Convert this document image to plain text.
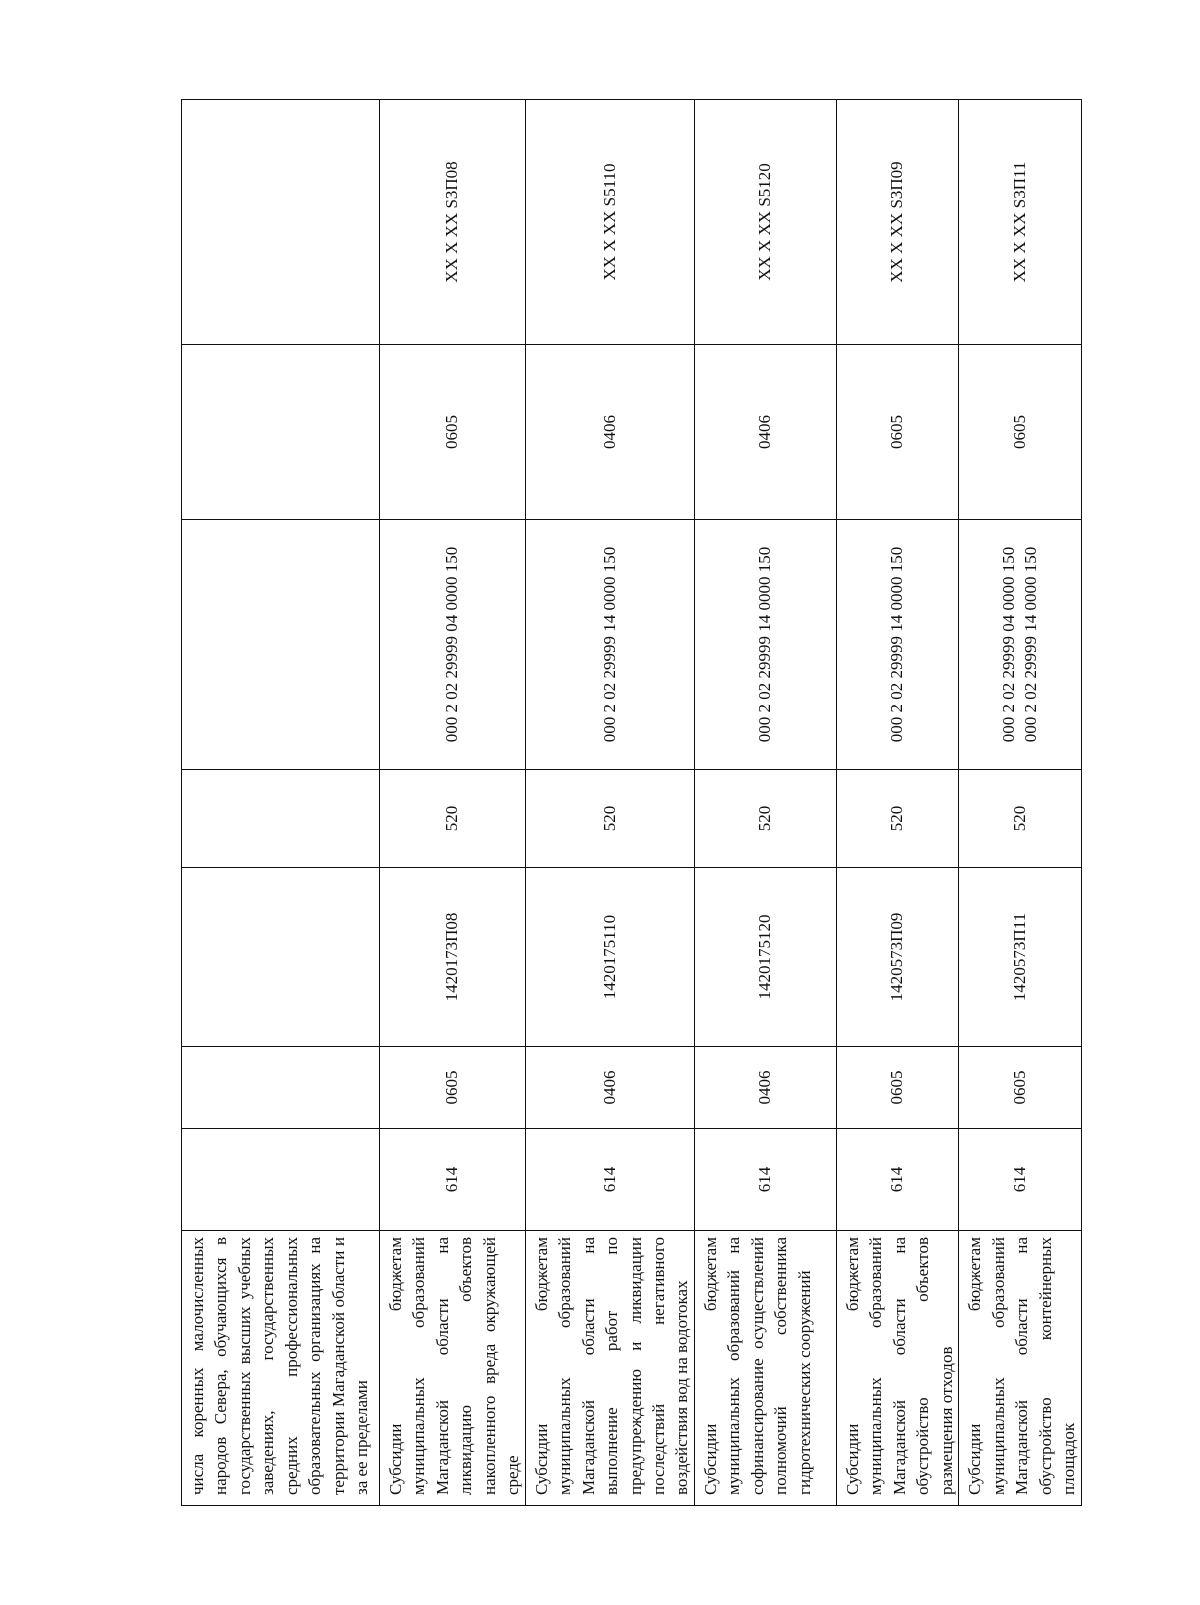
числа коренных малочисленных народов Севера, обучающихся в государственных высших учебных заведениях, государственных средних профессиональных образовательных организациях на территории Магаданской области и за ее пределами					

Субсидии бюджетам муниципальных образований Магаданской области на ликвидацию объектов накопленного вреда окружающей среде	614	0605	1420173П08	520	000 2 02 29999 04 0000 150	0605	XX X XX S3П08
Субсидии бюджетам муниципальных образований Магаданской области на выполнение работ по предупреждению и ликвидации последствий негативного воздействия вод на водотоках	614	0406	1420175110	520	000 2 02 29999 14 0000 150	0406	XX X XX S5110
Субсидии бюджетам муниципальных образований на софинансирование осуществлений полномочий собственника гидротехнических сооружений	614	0406	1420175120	520	000 2 02 29999 14 0000 150	0406	XX X XX S5120
Субсидии бюджетам муниципальных образований Магаданской области на обустройство объектов размещения отходов	614	0605	1420573П09	520	000 2 02 29999 14 0000 150	0605	XX X XX S3П09
Субсидии бюджетам муниципальных образований Магаданской области на обустройство контейнерных площадок	614	0605	1420573П11	520	000 2 02 29999 04 0000 150 000 2 02 29999 14 0000 150	0605	XX X XX S3П11
